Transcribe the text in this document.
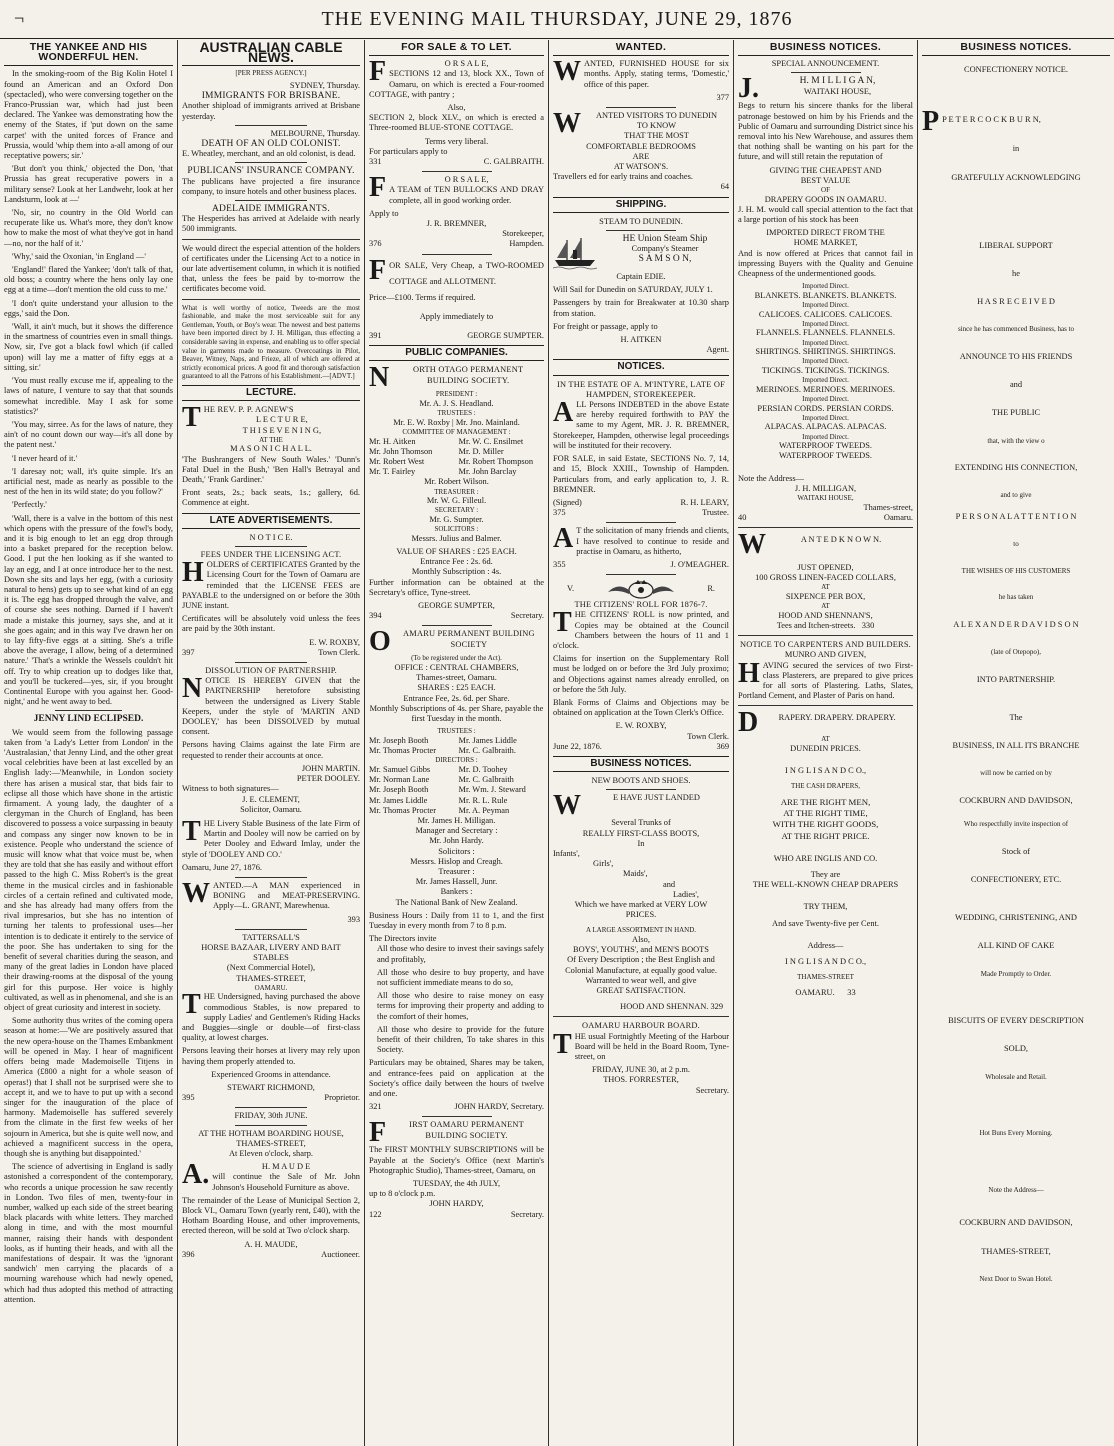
¬	THE EVENING MAIL THURSDAY, JUNE 29, 1876
THE YANKEE AND HIS WONDERFUL HEN.

In the smoking-room of the Big Kolin Hotel I found an American and an Oxford Don (spectacled), who were conversing together on the Franco-Prussian war, which had just been declared. The Yankee was demonstrating how the enemy of the States, if 'put down on the same carpet' with the united forces of France and Prussia, would 'whip them into a-all among of our receptative powers; sir.'

'But don't you think,' objected the Don, 'that Prussia has great recuperative powers in a military sense? Look at her Landwehr, look at her Landsturm, look at —'

'No, sir, no country in the Old World can recuperate like us. What's more, they don't know how to make the most of what they've got in hand—no, nor the half of it.'

'Why,' said the Oxonian, 'in England —'

'England!' flared the Yankee; 'don't talk of that, old boss; a country where the hens only lay one egg at a time—don't mention the old cuss to me.'

'I don't quite understand your allusion to the eggs,' said the Don.

'Wall, it ain't much, but it shows the difference in the smartness of countries even in small things. Now, sir, I've got a black fowl which (if called upon) will lay me a matter of fifty eggs at a sitting, sir.'

'You must really excuse me if, appealing to the laws of nature, I venture to say that that sounds somewhat incredible. May I ask for some statistics?'

'You may, sirree. As for the laws of nature, they ain't of no count down our way—it's all done by the patent nest.'

'I never heard of it.'

'I daresay not; wall, it's quite simple. It's an artificial nest, made as nearly as possible to the nest of the hen in its wild state; do you follow?'

'Perfectly.'

'Wall, there is a valve in the bottom of this nest which opens with the pressure of the fowl's body, and it is big enough to let an egg drop through into a basket prepared for the reception below. Good. I put the hen looking as if she wanted to lay an egg, and I at once introduce her to the nest. Down she sits and lays her egg, (with a curiosity natural to hens) gets up to see what kind of an egg it is. The egg has dropped through the valve, and of course she sees nothing. Darned if I haven't made a mistake this journey, says she, and at it she goes again; and in this way I've drawn her on to lay fifty-five eggs at a sitting. She's a trifle above the average, I allow, being of a determined nature.' 'That's a wrinkle the Wessels couldn't hit off. Try to whip creation up to dodges like that, and you'll be tuckered—yes, sir, if you brought Continental Europe with you against her. Good-night,' and he went away to bed.

JENNY LIND ECLIPSED.

We would seem from the following passage taken from 'a Lady's Letter from London' in the 'Australasian,' that Jenny Lind, and the other great vocal celebrities have been at last excelled by an English lady:—'Meanwhile, in London society there has arisen a musical star, that bids fair to eclipse all those which have shone in the artistic firmament. A young lady, the daughter of a clergyman in the Church of England, has been discovered to possess a voice surpassing in beauty and compass any singer now known to be in existence. People who understand the science of music will know what that voice must be, when they are told that she has easily and without effort passed to the high C. Miss Robert's is the great theme in the musical circles and in fashionable circles of a certain refined and cultivated mode, and she has already had many offers from the rival impresarios, but she has no intention of turning her talents to professional uses—her intention is to dedicate it entirely to the service of the poor. She has undertaken to sing for the benefit of several charities during the season, and many of the great ladies in London have placed their drawing-rooms at the disposal of the young girl for this purpose. Her voice is highly cultivated, as well as in phenomenal, and she is an object of great curiosity and interest in society.

Some authority thus writes of the coming opera season at home:—'We are positively assured that the new opera-house on the Thames Embankment will be opened in May. I hear of magnificent offers being made Mademoiselle Titjens in America (£800 a night for a whole season of operas!) that I shall not be surprised were she to accept it, and we to have to put up with a second singer for the inauguration of the place of harmony. Mademoiselle has suffered severely from the climate in the first few weeks of her sojourn in America, but she is quite well now, and achieved a magnificent success in the opera, though she is anything but disappointed.'

The science of advertising in England is sadly astonished a correspondent of the contemporary, who records a unique procession he saw recently in London. Two files of men, twenty-four in number, walked up each side of the street bearing black placards with white letters. They marched along in time, and with the most mournful manner, raising their hands with despondent looks, as if hunting their heads, and with all the manifestations of despair. It was the 'ignorant sandwich' men carrying the placards of a mourning warehouse which had newly opened, which had thus adopted this method of attracting attention.

AUSTRALIAN CABLE NEWS.
[PER PRESS AGENCY.]
SYDNEY, Thursday.
IMMIGRANTS FOR BRISBANE.

Another shipload of immigrants arrived at Brisbane yesterday.

MELBOURNE, Thursday.
DEATH OF AN OLD COLONIST.

E. Wheatley, merchant, and an old colonist, is dead.

PUBLICANS' INSURANCE COMPANY.

The publicans have projected a fire insurance company, to insure hotels and other business places.

ADELAIDE IMMIGRANTS.

The Hesperides has arrived at Adelaide with nearly 500 immigrants.

We would direct the especial attention of the holders of certificates under the Licensing Act to a notice in our late advertisement column, in which it is notified that, unless the fees be paid by to-morrow the certificates become void.

What is well worthy of notice, Tweeds are the most fashionable, and make the most serviceable suit for any Gentleman, Youth, or Boy's wear. The newest and best patterns have been imported direct by J. H. Milligan, thus effecting a considerable saving in expense, and enabling us to offer special value in garments made to measure. Overcoatings in Pilot, Beaver, Witney, Naps, and Frieze, all of which are offered at strictly economical prices. A good fit and thorough satisfaction guaranteed to all the Patrons of his Establishment.—[ADVT.]

LECTURE.
T HE REV. P. P. AGNEW'S
L E C T U R E,
T H I S E V E N I N G,
AT THE
M A S O N I C H A L L.

'The Bushrangers of New South Wales.' 'Dunn's Fatal Duel in the Bush,' 'Ben Hall's Betrayal and Death,' 'Frank Gardiner.'

Front seats, 2s.; back seats, 1s.; gallery, 6d. Commence at eight.

LATE ADVERTISEMENTS.
N O T I C E.
FEES UNDER THE LICENSING ACT.
H OLDERS of CERTIFICATES Granted by the Licensing Court for the Town of Oamaru are reminded that the LICENSE FEES are PAYABLE to the undersigned on or before the 30th JUNE instant.

Certificates will be absolutely void unless the fees are paid by the 30th instant.

E. W. ROXBY,
397	Town Clerk.
DISSOLUTION OF PARTNERSHIP.
N OTICE IS HEREBY GIVEN that the PARTNERSHIP heretofore subsisting between the undersigned as Livery Stable Keepers, under the style of 'MARTIN AND DOOLEY,' has been DISSOLVED by mutual consent.

Persons having Claims against the late Firm are requested to render their accounts at once.

JOHN MARTIN.
PETER DOOLEY.
Witness to both signatures—
J. E. CLEMENT,
Solicitor, Oamaru.
T HE Livery Stable Business of the late Firm of Martin and Dooley will now be carried on by Peter Dooley and Edward Imlay, under the style of 'DOOLEY AND CO.'

Oamaru, June 27, 1876.
W ANTED.—A MAN experienced in BONING and MEAT-PRESERVING. Apply—L. GRANT, Marewhenua.

393
TATTERSALL'S
HORSE BAZAAR, LIVERY AND BAIT
STABLES
(Next Commercial Hotel),
THAMES-STREET,
OAMARU.
T HE Undersigned, having purchased the above commodious Stables, is now prepared to supply Ladies' and Gentlemen's Riding Hacks and Buggies—single or double—of first-class quality, at lowest charges.

Persons leaving their horses at livery may rely upon having them properly attended to.

Experienced Grooms in attendance.

STEWART RICHMOND,
395	Proprietor.
FRIDAY, 30th JUNE.
AT THE HOTHAM BOARDING HOUSE,
THAMES-STREET,
At Eleven o'clock, sharp.
A.	H. M A U D E

will continue the Sale of Mr. John Johnson's Household Furniture as above.

The remainder of the Lease of Municipal Section 2, Block VI., Oamaru Town (yearly rent, £40), with the Hotham Boarding House, and other improvements, erected thereon, will be sold at Two o'clock sharp.

A. H. MAUDE,
396	Auctioneer.
FOR SALE & TO LET.
F	O R S A L E,

SECTIONS 12 and 13, block XX., Town of Oamaru, on which is erected a Four-roomed COTTAGE, with pantry ;

Also,

SECTION 2, block XLV., on which is erected a Three-roomed BLUE-STONE COTTAGE.

Terms very liberal.
For particulars apply to
331	C. GALBRAITH.
F	O R S A L E,

A TEAM of TEN BULLOCKS AND DRAY complete, all in good working order.

Apply to
J. R. BREMNER,
Storekeeper,
376	Hampden.
F OR SALE, Very Cheap, a TWO-ROOMED COTTAGE and ALLOTMENT.

Price—£100. Terms if required.

Apply immediately to

391	GEORGE SUMPTER.
PUBLIC COMPANIES.
N	ORTH OTAGO PERMANENT BUILDING SOCIETY.
PRESIDENT :
Mr. A. J. S. Headland.
TRUSTEES :
Mr. E. W. Roxby | Mr. Jno. Mainland.
COMMITTEE OF MANAGEMENT :
Mr. H. Aitken	Mr. W. C. Ensilmet
Mr. John Thomson	Mr. D. Miller
Mr. Robert West	Mr. Robert Thompson
Mr. T. Fairley	Mr. John Barclay
Mr. Robert Wilson.
TREASURER :
Mr. W. G. Filleul.
SECRETARY :
Mr. G. Sumpter.
SOLICITORS :
Messrs. Julius and Balmer.
VALUE OF SHARES : £25 EACH.
Entrance Fee : 2s. 6d.
Monthly Subscription : 4s.

Further information can be obtained at the Secretary's office, Tyne-street.

GEORGE SUMPTER,
394	Secretary.
O	AMARU PERMANENT BUILDING SOCIETY
(To be registered under the Act).
OFFICE : CENTRAL CHAMBERS,
Thames-street, Oamaru.
SHARES : £25 EACH.
Entrance Fee, 2s. 6d. per Share.

Monthly Subscriptions of 4s. per Share, payable the first Tuesday in the month.

TRUSTEES :
Mr. Joseph Booth	Mr. James Liddle
Mr. Thomas Procter	Mr. C. Galbraith.
DIRECTORS :
Mr. Samuel Gibbs	Mr. D. Toohey
Mr. Norman Lane	Mr. C. Galbraith
Mr. Joseph Booth	Mr. Wm. J. Steward
Mr. James Liddle	Mr. R. L. Rule
Mr. Thomas Procter	Mr. A. Peyman
Mr. James H. Milligan.
Manager and Secretary :
Mr. John Hardy.
Solicitors :
Messrs. Hislop and Creagh.
Treasurer :
Mr. James Hassell, Junr.
Bankers :
The National Bank of New Zealand.

Business Hours : Daily from 11 to 1, and the first Tuesday in every month from 7 to 8 p.m.

The Directors invite

All those who desire to invest their savings safely and profitably,

All those who desire to buy property, and have not sufficient immediate means to do so,

All those who desire to raise money on easy terms for improving their property and adding to the comfort of their homes,

All those who desire to provide for the future benefit of their children, To take shares in this Society.

Particulars may be obtained, Shares may be taken, and entrance-fees paid on application at the Society's office daily between the hours of twelve and one.

321	JOHN HARDY, Secretary.
F	IRST OAMARU PERMANENT
BUILDING SOCIETY.

The FIRST MONTHLY SUBSCRIPTIONS will be Payable at the Society's Office (next Martin's Photographic Studio), Thames-street, Oamaru, on

TUESDAY, the 4th JULY,
up to 8 o'clock p.m.
JOHN HARDY,
122	Secretary.
WANTED.
W ANTED, FURNISHED HOUSE for six months. Apply, stating terms, 'Domestic,' office of this paper.

377
W	ANTED VISITORS TO DUNEDIN
TO KNOW
THAT THE MOST
COMFORTABLE BEDROOMS
ARE
AT WATSON'S.
Travellers ed for early trains and coaches.
64
SHIPPING.
STEAM TO DUNEDIN.
HE Union Steam Ship
Company's Steamer
S A M S O N,
Captain EDIE.

Will Sail for Dunedin on SATURDAY, JULY 1.

Passengers by train for Breakwater at 10.30 sharp from station.

For freight or passage, apply to

H. AITKEN
Agent.
NOTICES.
IN THE ESTATE OF A. M'INTYRE, LATE OF HAMPDEN, STOREKEEPER.
A LL Persons INDEBTED in the above Estate are hereby required forthwith to PAY the same to my Agent, MR. J. R. BREMNER, Storekeeper, Hampden, otherwise legal proceedings will be instituted for their recovery.

FOR SALE, in said Estate, SECTIONS No. 7, 14, and 15, Block XXIII., Township of Hampden. Particulars from, and early application to, J. R. BREMNER.

(Signed)	R. H. LEARY,
375	Trustee.
A T the solicitation of many friends and clients, I have resolved to continue to reside and practise in Oamaru, as hitherto,

355	J. O'MEAGHER.
V.	R.
THE CITIZENS' ROLL FOR 1876-7.
T HE CITIZENS' ROLL is now printed, and Copies may be obtained at the Council Chambers between the hours of 11 and 1 o'clock.

Claims for insertion on the Supplementary Roll must be lodged on or before the 3rd July proximo; and Objections against names already enrolled, on or before the 5th July.

Blank Forms of Claims and Objections may be obtained on application at the Town Clerk's Office.

E. W. ROXBY,
Town Clerk.
June 22, 1876.	369
BUSINESS NOTICES.
NEW BOOTS AND SHOES.
W	E HAVE JUST LANDED
Several Trunks of
REALLY FIRST-CLASS BOOTS,
In
Infants',
Girls',
Maids',
and
Ladies',
Which we have marked at VERY LOW
PRICES.
A LARGE ASSORTMENT IN HAND.
Also,
BOYS', YOUTHS', and MEN'S BOOTS
Of Every Description ; the Best English and
Colonial Manufacture, at equally good value.
Warranted to wear well, and give
GREAT SATISFACTION.
HOOD AND SHENNAN. 329
OAMARU HARBOUR BOARD.
T HE usual Fortnightly Meeting of the Harbour Board will be held in the Board Room, Tyne-street, on

FRIDAY, JUNE 30, at 2 p.m.
THOS. FORRESTER,
Secretary.
BUSINESS NOTICES.
SPECIAL ANNOUNCEMENT.
J.	H. M I L L I G A N,
WAITAKI HOUSE,

Begs to return his sincere thanks for the liberal patronage bestowed on him by his Friends and the Public of Oamaru and surrounding District since his removal into his New Warehouse, and assures them that nothing shall be wanting on his part for the future, and will still retain the reputation of

GIVING THE CHEAPEST AND
BEST VALUE
OF
DRAPERY GOODS IN OAMARU.

J. H. M. would call special attention to the fact that a large portion of his stock has been

IMPORTED DIRECT FROM THE
HOME MARKET,

And is now offered at Prices that cannot fail in impressing Buyers with the Quality and Genuine Cheapness of the undermentioned goods.

Imported Direct.
BLANKETS. BLANKETS. BLANKETS.
Imported Direct.
CALICOES. CALICOES. CALICOES.
Imported Direct.
FLANNELS. FLANNELS. FLANNELS.
Imported Direct.
SHIRTINGS. SHIRTINGS. SHIRTINGS.
Imported Direct.
TICKINGS. TICKINGS. TICKINGS.
Imported Direct.
MERINOES. MERINOES. MERINOES.
Imported Direct.
PERSIAN CORDS. PERSIAN CORDS.
Imported Direct.
ALPACAS. ALPACAS. ALPACAS.
Imported Direct.
WATERPROOF TWEEDS.
WATERPROOF TWEEDS.
Note the Address—
J. H. MILLIGAN,
WAITAKI HOUSE,
Thames-street,
40	Oamaru.
W	A N T E D K N O W N.
JUST OPENED,
100 GROSS LINEN-FACED COLLARS,
AT
SIXPENCE PER BOX,
AT
HOOD AND SHENNAN'S,
Tees and Itchen-streets. 330
NOTICE TO CARPENTERS AND BUILDERS.
MUNRO AND GIVEN,
H AVING secured the services of two First-class Plasterers, are prepared to give prices for all sorts of Plastering. Laths, Slates, Portland Cement, and Plaster of Paris on hand.

D	RAPERY. DRAPERY. DRAPERY.
AT
DUNEDIN PRICES.
I N G L I S A N D C O.,
THE CASH DRAPERS,
ARE THE RIGHT MEN,
AT THE RIGHT TIME,
WITH THE RIGHT GOODS,
AT THE RIGHT PRICE.
WHO ARE INGLIS AND CO.
They are
THE WELL-KNOWN CHEAP DRAPERS
TRY THEM,
And save Twenty-five per Cent.
Address—
I N G L I S A N D C O.,
THAMES-STREET
OAMARU. 33
BUSINESS NOTICES.
CONFECTIONERY NOTICE.
P P E T E R C O C K B U R N,
in
GRATEFULLY ACKNOWLEDGING
LIBERAL SUPPORT
he
H A S R E C E I V E D
since he has commenced Business, has to
ANNOUNCE TO HIS FRIENDS
and
THE PUBLIC
that, with the view o
EXTENDING HIS CONNECTION,
and to give
P E R S O N A L A T T E N T I O N
to
THE WISHES OF HIS CUSTOMERS
he has taken
A L E X A N D E R D A V I D S O N
(late of Otepopo),
INTO PARTNERSHIP.
The
BUSINESS, IN ALL ITS BRANCHE
will now be carried on by
COCKBURN AND DAVIDSON,
Who respectfully invite inspection of
Stock of
CONFECTIONERY, ETC.
WEDDING, CHRISTENING, AND
ALL KIND OF CAKE
Made Promptly to Order.
BISCUITS OF EVERY DESCRIPTION
SOLD,
Wholesale and Retail.
Hot Buns Every Morning.
Note the Address—
COCKBURN AND DAVIDSON,
THAMES-STREET,
Next Door to Swan Hotel.
